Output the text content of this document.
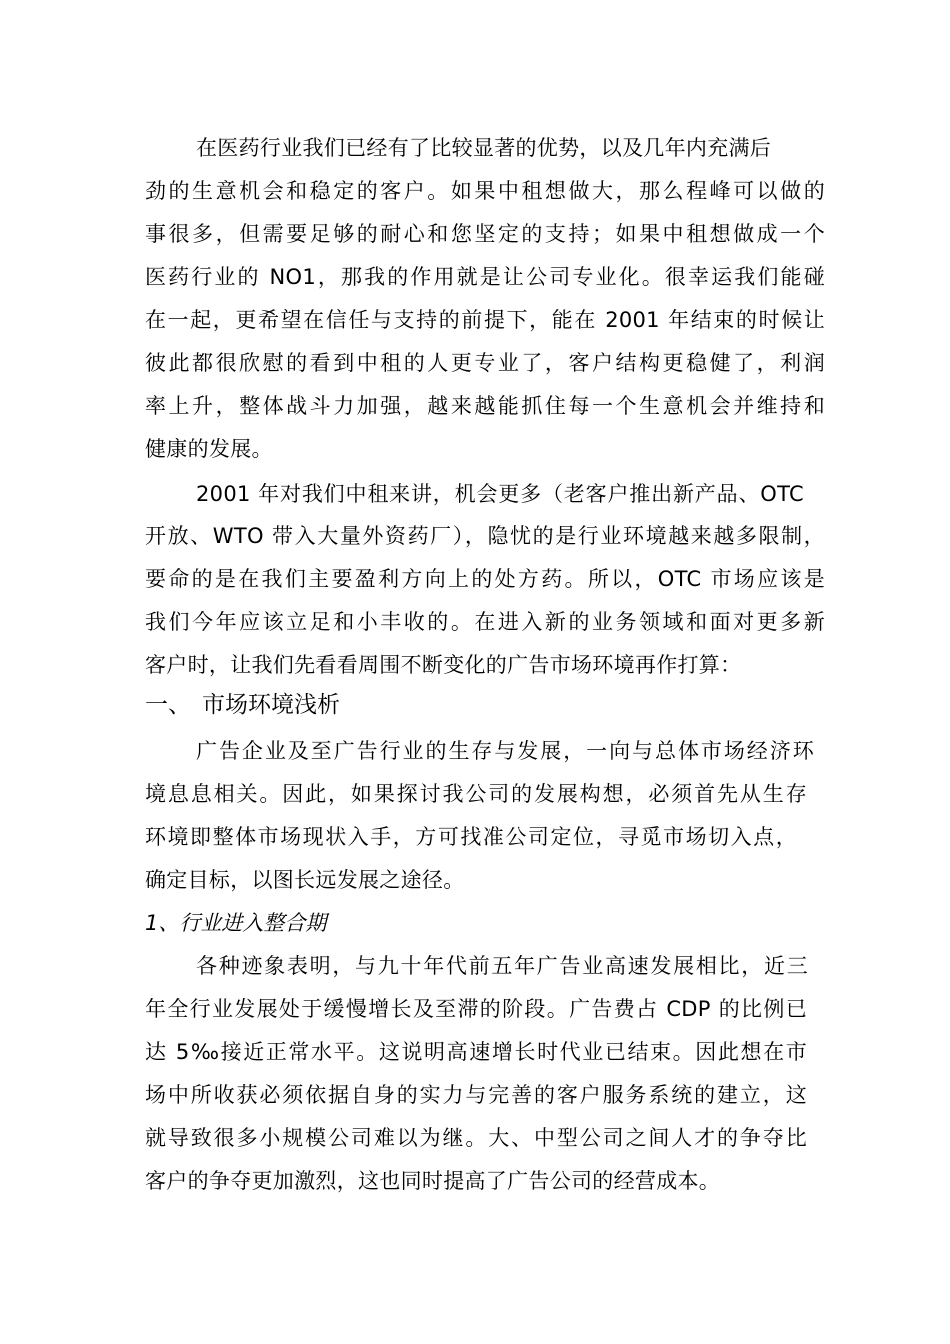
在医药行业我们已经有了比较显著的优势，以及几年内充满后
劲的生意机会和稳定的客户。如果中租想做大，那么程峰可以做的
事很多，但需要足够的耐心和您坚定的支持；如果中租想做成一个
医药行业的 NO1，那我的作用就是让公司专业化。很幸运我们能碰
在一起，更希望在信任与支持的前提下，能在 2001 年结束的时候让
彼此都很欣慰的看到中租的人更专业了，客户结构更稳健了，利润
率上升，整体战斗力加强，越来越能抓住每一个生意机会并维持和
健康的发展。
2001 年对我们中租来讲，机会更多（老客户推出新产品、OTC
开放、WTO 带入大量外资药厂），隐忧的是行业环境越来越多限制，
要命的是在我们主要盈利方向上的处方药。所以，OTC 市场应该是
我们今年应该立足和小丰收的。在进入新的业务领域和面对更多新
客户时，让我们先看看周围不断变化的广告市场环境再作打算：
一、 市场环境浅析
广告企业及至广告行业的生存与发展，一向与总体市场经济环
境息息相关。因此，如果探讨我公司的发展构想，必须首先从生存
环境即整体市场现状入手，方可找准公司定位，寻觅市场切入点，
确定目标，以图长远发展之途径。
1、行业进入整合期
各种迹象表明，与九十年代前五年广告业高速发展相比，近三
年全行业发展处于缓慢增长及至滞的阶段。广告费占 CDP 的比例已
达 5‰接近正常水平。这说明高速增长时代业已结束。因此想在市
场中所收获必须依据自身的实力与完善的客户服务系统的建立，这
就导致很多小规模公司难以为继。大、中型公司之间人才的争夺比
客户的争夺更加激烈，这也同时提高了广告公司的经营成本。
